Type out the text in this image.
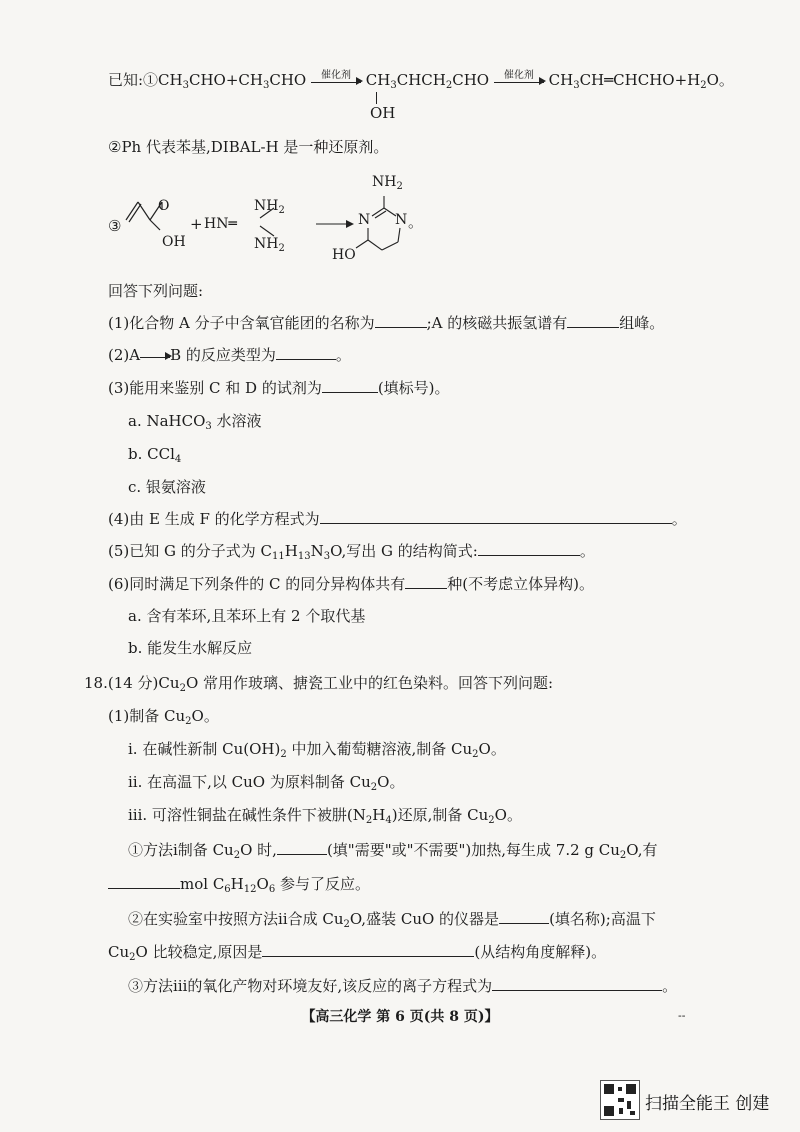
已知$:①CH_3CHO+CH_3CHO$	催化剂 $CH_3CHCH_2CHO$	催化剂 $CH_3CH═CHCHO+H_2O$。
OH
②Ph 代表苯基,DIBAL-H 是一种还原剂。
③
O
OH
+ HN═
$NH_2$
$NH_2$
$NH_2$
N N 。
HO
回答下列问题:
(1)化合物 A 分子中含氧官能团的名称为	;A 的核磁共振氢谱有	组峰。
(2)A B 的反应类型为	。
(3)能用来鉴别 C 和 D 的试剂为	(填标号)。
a. NaHCO$_3$ 水溶液
b. CCl$_4$
c. 银氨溶液
(4)由 E 生成 F 的化学方程式为	。
(5)已知 G 的分子式为 $C_{11}H_{13}N_3O$,写出 G 的结构简式:	。
(6)同时满足下列条件的 C 的同分异构体共有	种(不考虑立体异构)。
a. 含有苯环,且苯环上有 2 个取代基
b. 能发生水解反应
18.(14 分)$Cu_2O$ 常用作玻璃、搪瓷工业中的红色染料。回答下列问题:
(1)制备 $Cu_2O$。
ⅰ. 在碱性新制 $Cu(OH)_2$ 中加入葡萄糖溶液,制备 $Cu_2O$。
ⅱ. 在高温下,以 CuO 为原料制备 $Cu_2O$。
ⅲ. 可溶性铜盐在碱性条件下被肼$(N_2H_4)$还原,制备 $Cu_2O$。
①方法ⅰ制备 $Cu_2O$ 时,	(填"需要"或"不需要")加热,每生成 7.2 g $Cu_2O$,有
mol $C_6H_{12}O_6$ 参与了反应。
②在实验室中按照方法ⅱ合成 $Cu_2O$,盛装 CuO 的仪器是	(填名称);高温下
$Cu_2O$ 比较稳定,原因是	(从结构角度解释)。
③方法ⅲ的氧化产物对环境友好,该反应的离子方程式为	。
【高三化学 第 6 页(共 8 页)】	--
扫描全能王 创建
